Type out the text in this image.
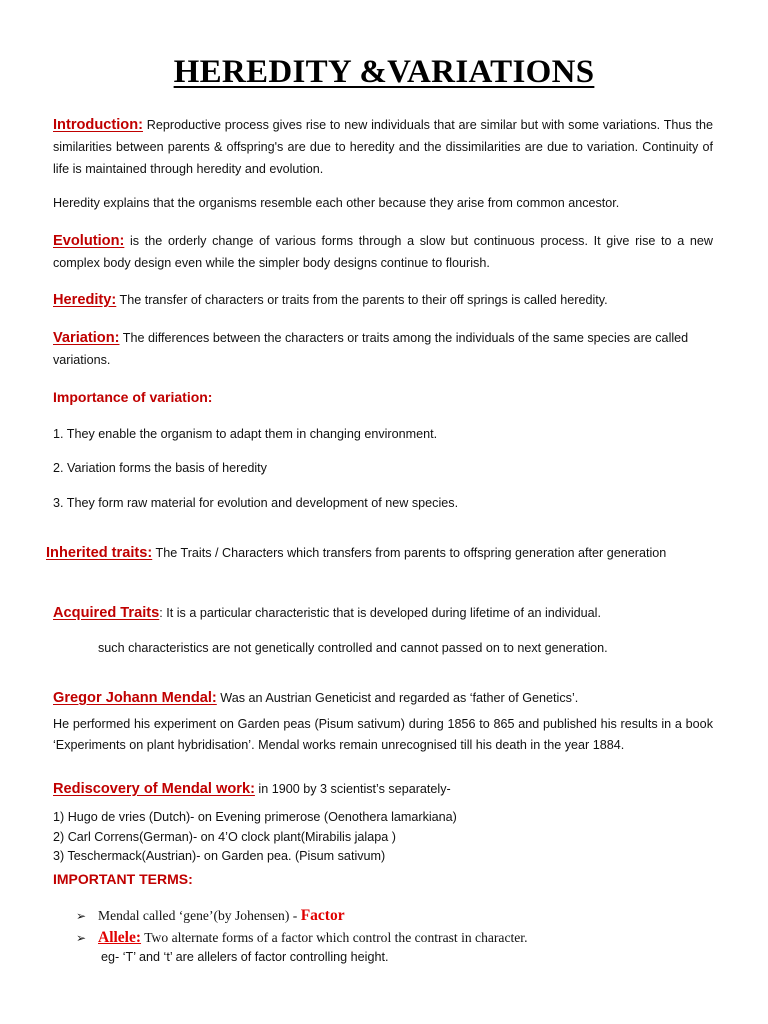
HEREDITY &VARIATIONS
Introduction: Reproductive process gives rise to new individuals that are similar but with some variations. Thus the similarities between parents & offspring's are due to heredity and the dissimilarities are due to variation. Continuity of life is maintained through heredity and evolution.
Heredity explains that the organisms resemble each other because they arise from common ancestor.
Evolution: is the orderly change of various forms through a slow but continuous process. It give rise to a new complex body design even while the simpler body designs continue to flourish.
Heredity: The transfer of characters or traits from the parents to their off springs is called heredity.
Variation: The differences between the characters or traits among the individuals of the same species are called variations.
Importance of variation:
1. They enable the organism to adapt them in changing environment.
2. Variation forms the basis of heredity
3. They form raw material for evolution and development of new species.
Inherited traits: The Traits / Characters which transfers from parents to offspring generation after generation
Acquired Traits: It is a particular characteristic that is developed during lifetime of an individual.
such characteristics are not genetically controlled and cannot passed on to next generation.
Gregor Johann Mendal: Was an Austrian Geneticist and regarded as ‘father of Genetics’.
He performed his experiment on Garden peas (Pisum sativum) during 1856 to 865 and published his results in a book ‘Experiments on plant hybridisation’. Mendal works remain unrecognised till his death in the year 1884.
Rediscovery of Mendal work: in 1900 by 3 scientist’s separately-
1) Hugo de vries (Dutch)- on Evening primerose (Oenothera lamarkiana)
2) Carl Correns(German)- on 4’O clock plant(Mirabilis jalapa )
3) Teschermack(Austrian)- on Garden pea. (Pisum sativum)
IMPORTANT TERMS:
➢ Mendal called ‘gene’(by Johensen) - Factor
➢ Allele: Two alternate forms of a factor which control the contrast in character.
eg- ‘T’ and ‘t’ are allelers of factor controlling height.
